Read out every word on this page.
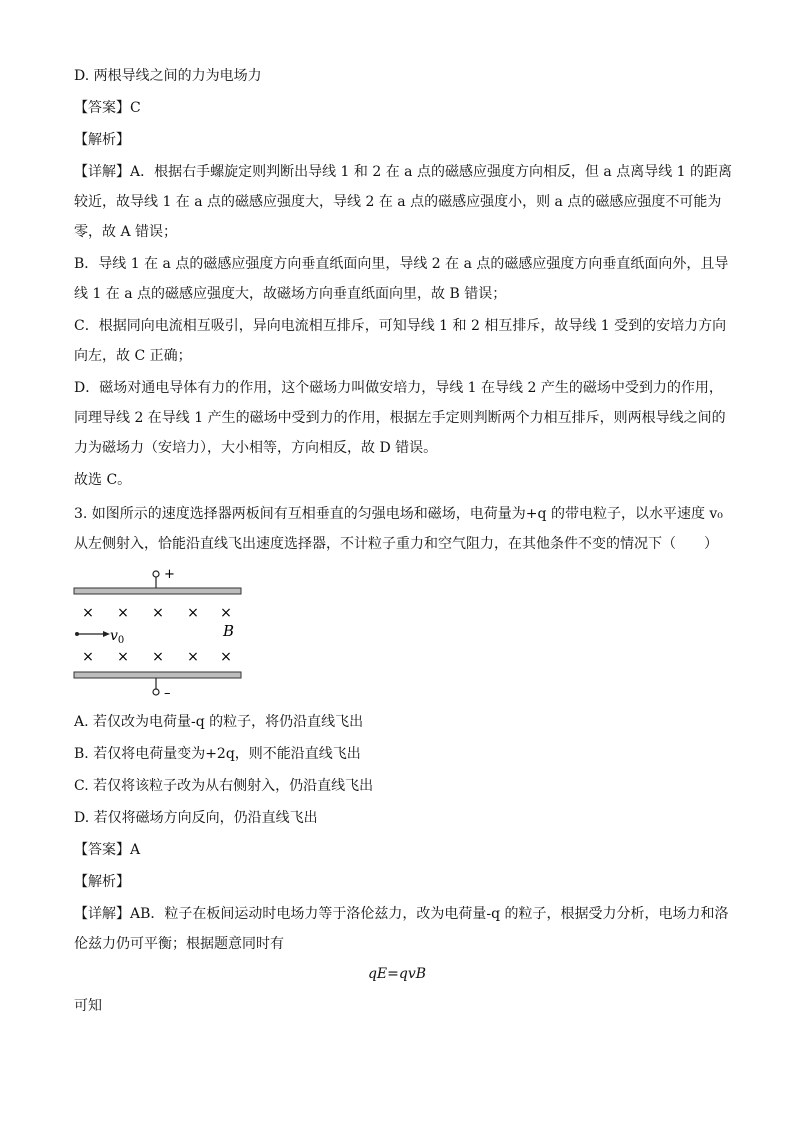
D. 两根导线之间的力为电场力
【答案】C
【解析】
【详解】A．根据右手螺旋定则判断出导线 1 和 2 在 a 点的磁感应强度方向相反，但 a 点离导线 1 的距离
较近，故导线 1 在 a 点的磁感应强度大，导线 2 在 a 点的磁感应强度小，则 a 点的磁感应强度不可能为
零，故 A 错误；
B．导线 1 在 a 点的磁感应强度方向垂直纸面向里，导线 2 在 a 点的磁感应强度方向垂直纸面向外，且导
线 1 在 a 点的磁感应强度大，故磁场方向垂直纸面向里，故 B 错误；
C．根据同向电流相互吸引，异向电流相互排斥，可知导线 1 和 2 相互排斥，故导线 1 受到的安培力方向
向左，故 C 正确；
D．磁场对通电导体有力的作用，这个磁场力叫做安培力，导线 1 在导线 2 产生的磁场中受到力的作用，
同理导线 2 在导线 1 产生的磁场中受到力的作用，根据左手定则判断两个力相互排斥，则两根导线之间的
力为磁场力（安培力），大小相等，方向相反，故 D 错误。
故选 C。
3. 如图所示的速度选择器两板间有互相垂直的匀强电场和磁场，电荷量为+q 的带电粒子，以水平速度 v₀
从左侧射入，恰能沿直线飞出速度选择器，不计粒子重力和空气阻力，在其他条件不变的情况下（　　）
+
× × × × ×
$v_0$
B
× × × × ×
–
A. 若仅改为电荷量-q 的粒子，将仍沿直线飞出
B. 若仅将电荷量变为+2q，则不能沿直线飞出
C. 若仅将该粒子改为从右侧射入，仍沿直线飞出
D. 若仅将磁场方向反向，仍沿直线飞出
【答案】A
【解析】
【详解】AB．粒子在板间运动时电场力等于洛伦兹力，改为电荷量-q 的粒子，根据受力分析，电场力和洛
伦兹力仍可平衡；根据题意同时有
qE=qvB
可知
